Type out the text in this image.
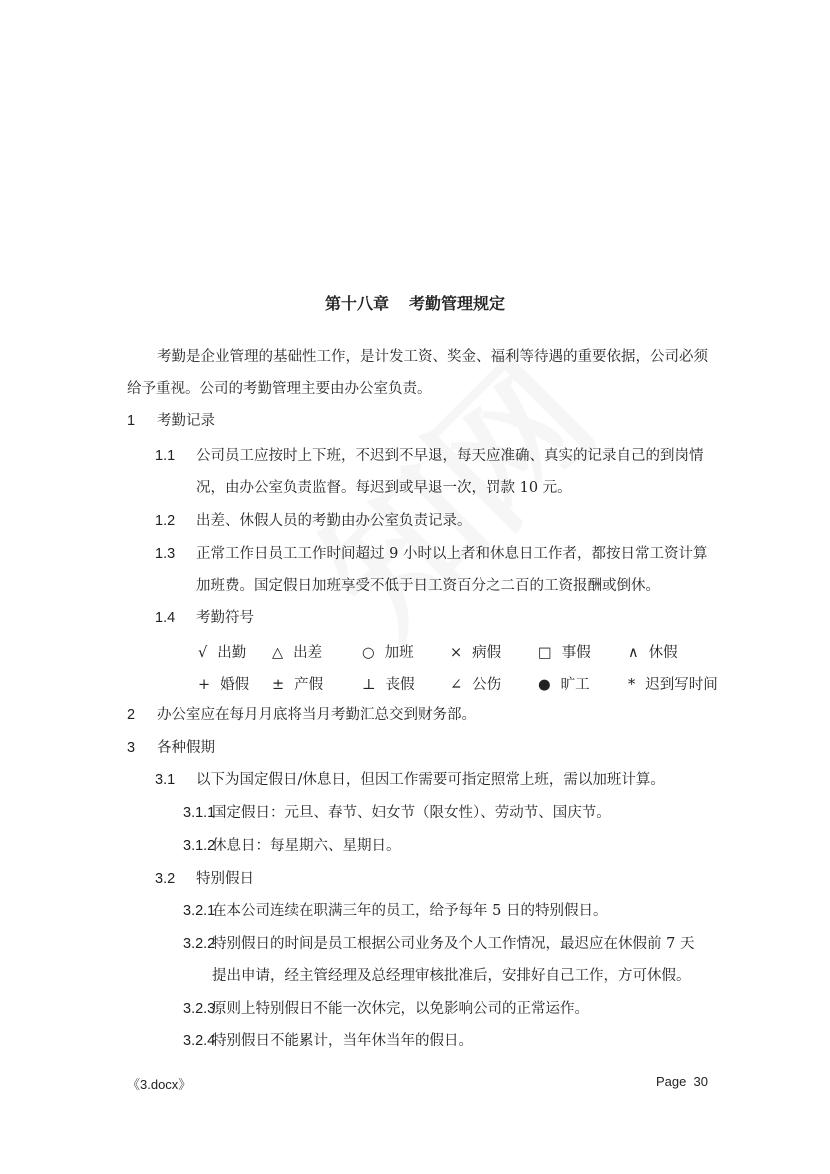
第十八章 考勤管理规定
考勤是企业管理的基础性工作，是计发工资、奖金、福利等待遇的重要依据，公司必须
给予重视。公司的考勤管理主要由办公室负责。
1 考勤记录
1.1 公司员工应按时上下班，不迟到不早退，每天应准确、真实的记录自己的到岗情
况，由办公室负责监督。每迟到或早退一次，罚款 10 元。
1.2 出差、休假人员的考勤由办公室负责记录。
1.3 正常工作日员工工作时间超过 9 小时以上者和休息日工作者，都按日常工资计算
加班费。国定假日加班享受不低于日工资百分之二百的工资报酬或倒休。
1.4 考勤符号
√ 出勤 △ 出差	○ 加班	× 病假	□ 事假	∧ 休假
+ 婚假 ± 产假	⊥ 丧假 ∠ 公伤	● 旷工	* 迟到写时间
2 办公室应在每月月底将当月考勤汇总交到财务部。
3 各种假期
3.1 以下为国定假日/休息日，但因工作需要可指定照常上班，需以加班计算。
3.1.1
国定假日：元旦、春节、妇女节（限女性）、劳动节、国庆节。
3.1.2
休息日：每星期六、星期日。
3.2 特别假日
3.2.1
在本公司连续在职满三年的员工，给予每年 5 日的特别假日。
3.2.2
特别假日的时间是员工根据公司业务及个人工作情况，最迟应在休假前 7 天
提出申请，经主管经理及总经理审核批准后，安排好自己工作，方可休假。
3.2.3
原则上特别假日不能一次休完，以免影响公司的正常运作。
3.2.4
特别假日不能累计，当年休当年的假日。
《3.docx》	Page  30
